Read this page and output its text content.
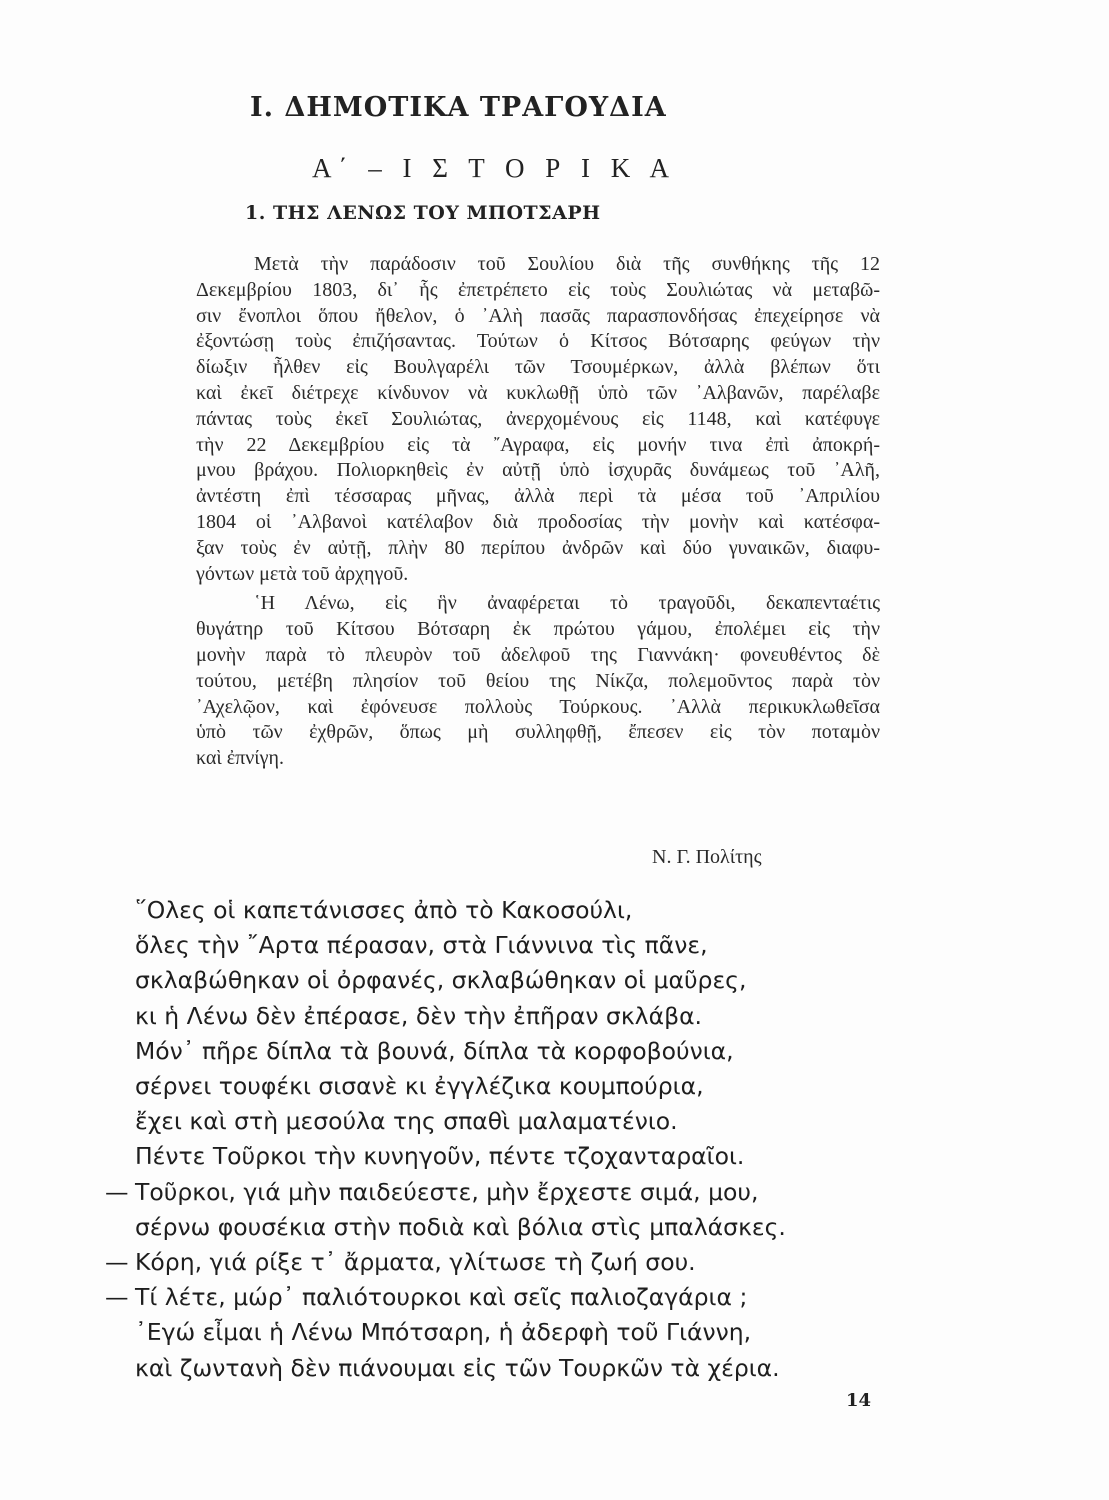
I. ΔΗΜΟΤΙΚΑ ΤΡΑΓΟΥΔΙΑ
Α΄ – Ι Σ Τ Ο Ρ Ι Κ Α
1. ΤΗΣ ΛΕΝΩΣ ΤΟΥ ΜΠΟΤΣΑΡΗ

Μετὰ τὴν παράδοσιν τοῦ Σουλίου διὰ τῆς συνθήκης τῆς 12
Δεκεμβρίου 1803, δι᾽ ἧς ἐπετρέπετο εἰς τοὺς Σουλιώτας νὰ μεταβῶ-
σιν ἔνοπλοι ὅπου ἤθελον, ὁ ᾽Αλὴ πασᾶς παρασπονδήσας ἐπεχείρησε νὰ
ἐξοντώσῃ τοὺς ἐπιζήσαντας. Τούτων ὁ Κίτσος Βότσαρης φεύγων τὴν
δίωξιν ἦλθεν εἰς Βουλγαρέλι τῶν Τσουμέρκων, ἀλλὰ βλέπων ὅτι
καὶ ἐκεῖ διέτρεχε κίνδυνον νὰ κυκλωθῇ ὑπὸ τῶν ᾽Αλβανῶν, παρέλαβε
πάντας τοὺς ἐκεῖ Σουλιώτας, ἀνερχομένους εἰς 1148, καὶ κατέφυγε
τὴν 22 Δεκεμβρίου εἰς τὰ ῎Αγραφα, εἰς μονήν τινα ἐπὶ ἀποκρή-
μνου βράχου. Πολιορκηθεὶς ἐν αὐτῇ ὑπὸ ἰσχυρᾶς δυνάμεως τοῦ ᾽Αλῆ,
ἀντέστη ἐπὶ τέσσαρας μῆνας, ἀλλὰ περὶ τὰ μέσα τοῦ ᾽Απριλίου
1804 οἱ ᾽Αλβανοὶ κατέλαβον διὰ προδοσίας τὴν μονὴν καὶ κατέσφα-
ξαν τοὺς ἐν αὐτῇ, πλὴν 80 περίπου ἀνδρῶν καὶ δύο γυναικῶν, διαφυ-
γόντων μετὰ τοῦ ἀρχηγοῦ.

῾Η Λένω, εἰς ἣν ἀναφέρεται τὸ τραγοῦδι, δεκαπενταέτις
θυγάτηρ τοῦ Κίτσου Βότσαρη ἐκ πρώτου γάμου, ἐπολέμει εἰς τὴν
μονὴν παρὰ τὸ πλευρὸν τοῦ ἀδελφοῦ της Γιαννάκη· φονευθέντος δὲ
τούτου, μετέβη πλησίον τοῦ θείου της Νίκζα, πολεμοῦντος παρὰ τὸν
᾽Αχελῷον, καὶ ἐφόνευσε πολλοὺς Τούρκους. ᾽Αλλὰ περικυκλωθεῖσα
ὑπὸ τῶν ἐχθρῶν, ὅπως μὴ συλληφθῇ, ἔπεσεν εἰς τὸν ποταμὸν
καὶ ἐπνίγη.

Ν. Γ. Πολίτης
῞Ολες οἱ καπετάνισσες ἀπὸ τὸ Κακοσούλι,
ὅλες τὴν ῎Αρτα πέρασαν, στὰ Γιάννινα τὶς πᾶνε,
σκλαβώθηκαν οἱ ὀρφανές, σκλαβώθηκαν οἱ μαῦρες,
κι ἡ Λένω δὲν ἐπέρασε, δὲν τὴν ἐπῆραν σκλάβα.
Μόν᾽ πῆρε δίπλα τὰ βουνά, δίπλα τὰ κορφοβούνια,
σέρνει τουφέκι σισανὲ κι ἐγγλέζικα κουμπούρια,
ἔχει καὶ στὴ μεσούλα της σπαθὶ μαλαματένιο.
Πέντε Τοῦρκοι τὴν κυνηγοῦν, πέντε τζοχανταραῖοι.
— Τοῦρκοι, γιά μὴν παιδεύεστε, μὴν ἔρχεστε σιμά, μου,
σέρνω φουσέκια στὴν ποδιὰ καὶ βόλια στὶς μπαλάσκες.
— Κόρη, γιά ρίξε τ᾽ ἄρματα, γλίτωσε τὴ ζωή σου.
— Τί λέτε, μώρ᾽ παλιότουρκοι καὶ σεῖς παλιοζαγάρια ;
᾽Εγώ εἶμαι ἡ Λένω Μπότσαρη, ἡ ἀδερφὴ τοῦ Γιάννη,
καὶ ζωντανὴ δὲν πιάνουμαι εἰς τῶν Τουρκῶν τὰ χέρια.
14
